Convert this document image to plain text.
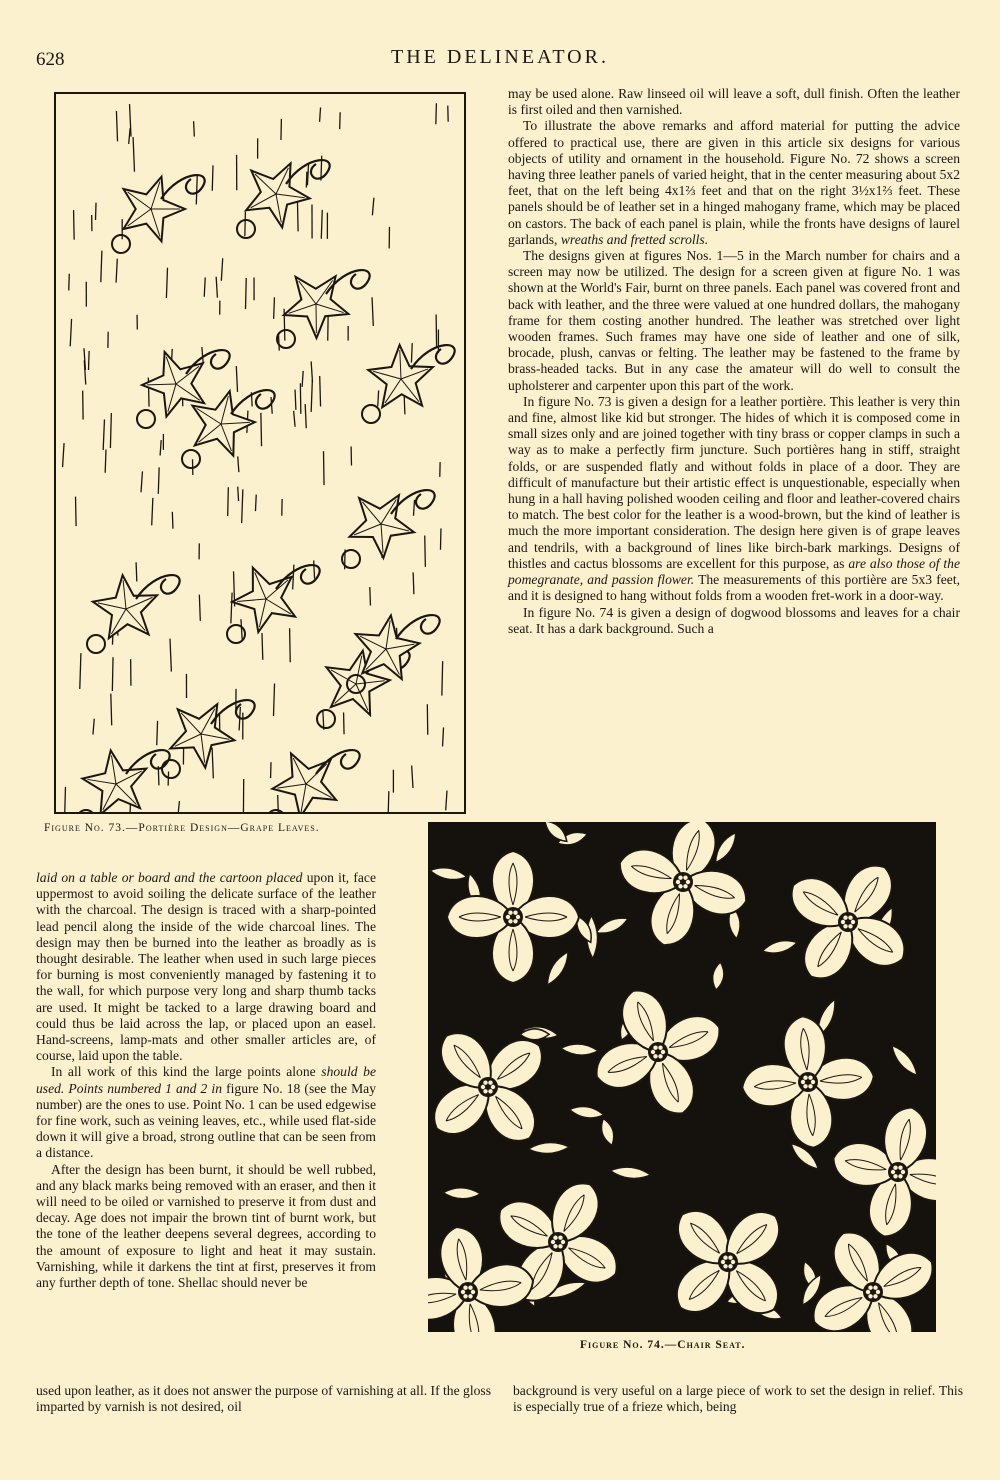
628	THE DELINEATOR.
Figure No. 73.—Portière Design—Grape Leaves.
Figure No. 74.—Chair Seat.

may be used alone. Raw linseed oil will leave a soft, dull finish. Often the leather is first oiled and then varnished.

To illustrate the above remarks and afford material for putting the advice offered to practical use, there are given in this article six designs for various objects of utility and ornament in the household. Figure No. 72 shows a screen having three leather panels of varied height, that in the center measuring about 5x2 feet, that on the left being 4x1⅔ feet and that on the right 3½x1⅔ feet. These panels should be of leather set in a hinged mahogany frame, which may be placed on castors. The back of each panel is plain, while the fronts have designs of laurel garlands, wreaths and fretted scrolls.

The designs given at figures Nos. 1—5 in the March number for chairs and a screen may now be utilized. The design for a screen given at figure No. 1 was shown at the World's Fair, burnt on three panels. Each panel was covered front and back with leather, and the three were valued at one hundred dollars, the mahogany frame for them costing another hundred. The leather was stretched over light wooden frames. Such frames may have one side of leather and one of silk, brocade, plush, canvas or felting. The leather may be fastened to the frame by brass-headed tacks. But in any case the amateur will do well to consult the upholsterer and carpenter upon this part of the work.

In figure No. 73 is given a design for a leather portière. This leather is very thin and fine, almost like kid but stronger. The hides of which it is composed come in small sizes only and are joined together with tiny brass or copper clamps in such a way as to make a perfectly firm juncture. Such portières hang in stiff, straight folds, or are suspended flatly and without folds in place of a door. They are difficult of manufacture but their artistic effect is unquestionable, especially when hung in a hall having polished wooden ceiling and floor and leather-covered chairs to match. The best color for the leather is a wood-brown, but the kind of leather is much the more important consideration. The design here given is of grape leaves and tendrils, with a background of lines like birch-bark markings. Designs of thistles and cactus blossoms are excellent for this purpose, as are also those of the pomegranate, and passion flower. The measurements of this portière are 5x3 feet, and it is designed to hang without folds from a wooden fret-work in a door-way.

In figure No. 74 is given a design of dogwood blossoms and leaves for a chair seat. It has a dark background. Such a

laid on a table or board and the cartoon placed upon it, face uppermost to avoid soiling the delicate surface of the leather with the charcoal. The design is traced with a sharp-pointed lead pencil along the inside of the wide charcoal lines. The design may then be burned into the leather as broadly as is thought desirable. The leather when used in such large pieces for burning is most conveniently managed by fastening it to the wall, for which purpose very long and sharp thumb tacks are used. It might be tacked to a large drawing board and could thus be laid across the lap, or placed upon an easel. Hand-screens, lamp-mats and other smaller articles are, of course, laid upon the table.

In all work of this kind the large points alone should be used. Points numbered 1 and 2 in figure No. 18 (see the May number) are the ones to use. Point No. 1 can be used edgewise for fine work, such as veining leaves, etc., while used flat-side down it will give a broad, strong outline that can be seen from a distance.

After the design has been burnt, it should be well rubbed, and any black marks being removed with an eraser, and then it will need to be oiled or varnished to preserve it from dust and decay. Age does not impair the brown tint of burnt work, but the tone of the leather deepens several degrees, according to the amount of exposure to light and heat it may sustain. Varnishing, while it darkens the tint at first, preserves it from any further depth of tone. Shellac should never be

used upon leather, as it does not answer the purpose of varnishing at all. If the gloss imparted by varnish is not desired, oil

background is very useful on a large piece of work to set the design in relief. This is especially true of a frieze which, being
